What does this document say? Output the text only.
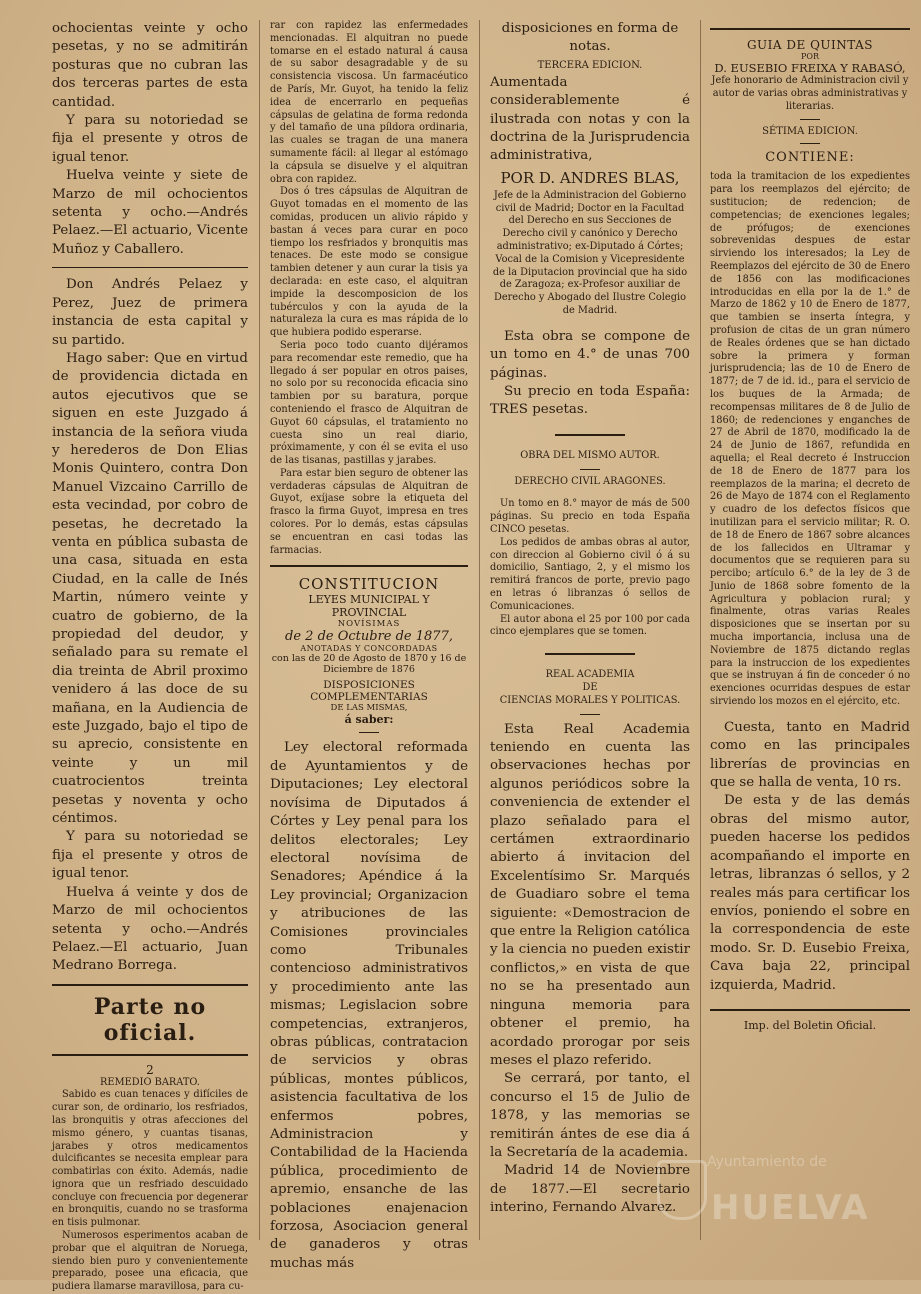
ochocientas veinte y ocho pesetas, y no se admitirán posturas que no cubran las dos terceras partes de esta cantidad.

Y para su notoriedad se fija el presente y otros de igual tenor.

Huelva veinte y siete de Marzo de mil ochocientos setenta y ocho.—Andrés Pelaez.—El actuario, Vicente Muñoz y Caballero.

Don Andrés Pelaez y Perez, Juez de primera instancia de esta capital y su partido.

Hago saber: Que en virtud de providencia dictada en autos ejecutivos que se siguen en este Juzgado á instancia de la señora viuda y herederos de Don Elias Monis Quintero, contra Don Manuel Vizcaino Carrillo de esta vecindad, por cobro de pesetas, he decretado la venta en pública subasta de una casa, situada en esta Ciudad, en la calle de Inés Martin, número veinte y cuatro de gobierno, de la propiedad del deudor, y señalado para su remate el dia treinta de Abril proximo venidero á las doce de su mañana, en la Audiencia de este Juzgado, bajo el tipo de su aprecio, consistente en veinte y un mil cuatrocientos treinta pesetas y noventa y ocho céntimos.

Y para su notoriedad se fija el presente y otros de igual tenor.

Huelva á veinte y dos de Marzo de mil ochocientos setenta y ocho.—Andrés Pelaez.—El actuario, Juan Medrano Borrega.

Parte no oficial.

2

REMEDIO BARATO.

Sabido es cuan tenaces y difíciles de curar son, de ordinario, los resfriados, las bronquitis y otras afecciones del mismo género, y cuantas tisanas, jarabes y otros medicamentos dulcificantes se necesita emplear para combatirlas con éxito. Además, nadie ignora que un resfriado descuidado concluye con frecuencia por degenerar en bronquitis, cuando no se trasforma en tisis pulmonar.

Numerosos esperimentos acaban de probar que el alquitran de Noruega, siendo bien puro y convenientemente preparado, posee una eficacia, que pudiera llamarse maravillosa, para cu-

rar con rapidez las enfermedades mencionadas. El alquitran no puede tomarse en el estado natural á causa de su sabor desagradable y de su consistencia viscosa. Un farmacéutico de París, Mr. Guyot, ha tenido la feliz idea de encerrarlo en pequeñas cápsulas de gelatina de forma redonda y del tamaño de una píldora ordinaria, las cuales se tragan de una manera sumamente fácil: al llegar al estómago la cápsula se disuelve y el alquitran obra con rapidez.

Dos ó tres cápsulas de Alquitran de Guyot tomadas en el momento de las comidas, producen un alivio rápido y bastan á veces para curar en poco tiempo los resfriados y bronquitis mas tenaces. De este modo se consigue tambien detener y aun curar la tisis ya declarada: en este caso, el alquitran impide la descomposicion de los tubérculos y con la ayuda de la naturaleza la cura es mas rápida de lo que hubiera podido esperarse.

Seria poco todo cuanto dijéramos para recomendar este remedio, que ha llegado á ser popular en otros paises, no solo por su reconocida eficacia sino tambien por su baratura, porque conteniendo el frasco de Alquitran de Guyot 60 cápsulas, el tratamiento no cuesta sino un real diario, próximamente, y con él se evita el uso de las tisanas, pastillas y jarabes.

Para estar bien seguro de obtener las verdaderas cápsulas de Alquitran de Guyot, exíjase sobre la etiqueta del frasco la firma Guyot, impresa en tres colores. Por lo demás, estas cápsulas se encuentran en casi todas las farmacias.

CONSTITUCION

LEYES MUNICIPAL Y PROVINCIAL

NOVÍSIMAS

de 2 de Octubre de 1877,

ANOTADAS Y CONCORDADAS

con las de 20 de Agosto de 1870 y 16 de Diciembre de 1876

DISPOSICIONES COMPLEMENTARIAS

DE LAS MISMAS,

á saber:

Ley electoral reformada de Ayuntamientos y de Diputaciones; Ley electoral novísima de Diputados á Córtes y Ley penal para los delitos electorales; Ley electoral novísima de Senadores; Apéndice á la Ley provincial; Organizacion y atribuciones de las Comisiones provinciales como Tribunales contencioso administrativos y procedimiento ante las mismas; Legislacion sobre competencias, extranjeros, obras públicas, contratacion de servicios y obras públicas, montes públicos, asistencia facultativa de los enfermos pobres, Administracion y Contabilidad de la Hacienda pública, procedimiento de apremio, ensanche de las poblaciones enajenacion forzosa, Asociacion general de ganaderos y otras muchas más

disposiciones en forma de notas.

TERCERA EDICION.

Aumentada considerablemente é ilustrada con notas y con la doctrina de la Jurisprudencia administrativa,

POR D. ANDRES BLAS,

Jefe de la Administracion del Gobierno civil de Madrid; Doctor en la Facultad del Derecho en sus Secciones de Derecho civil y canónico y Derecho administrativo; ex-Diputado á Córtes; Vocal de la Comision y Vicepresidente de la Diputacion provincial que ha sido de Zaragoza; ex-Profesor auxiliar de Derecho y Abogado del Ilustre Colegio de Madrid.

Esta obra se compone de un tomo en 4.° de unas 700 páginas.

Su precio en toda España: TRES pesetas.

OBRA DEL MISMO AUTOR.

DERECHO CIVIL ARAGONES.

Un tomo en 8.° mayor de más de 500 páginas. Su precio en toda España CINCO pesetas.

Los pedidos de ambas obras al autor, con direccion al Gobierno civil ó á su domicilio, Santiago, 2, y el mismo los remitirá francos de porte, previo pago en letras ó libranzas ó sellos de Comunicaciones.

El autor abona el 25 por 100 por cada cinco ejemplares que se tomen.

REAL ACADEMIA

DE

CIENCIAS MORALES Y POLITICAS.

Esta Real Academia teniendo en cuenta las observaciones hechas por algunos periódicos sobre la conveniencia de extender el plazo señalado para el certámen extraordinario abierto á invitacion del Excelentísimo Sr. Marqués de Guadiaro sobre el tema siguiente: «Demostracion de que entre la Religion católica y la ciencia no pueden existir conflictos,» en vista de que no se ha presentado aun ninguna memoria para obtener el premio, ha acordado prorogar por seis meses el plazo referido.

Se cerrará, por tanto, el concurso el 15 de Julio de 1878, y las memorias se remitirán ántes de ese dia á la Secretaría de la academia.

Madrid 14 de Noviembre de 1877.—El secretario interino, Fernando Alvarez.

GUIA DE QUINTAS

POR

D. EUSEBIO FREIXA Y RABASÓ,

Jefe honorario de Administracion civil y autor de varias obras administrativas y literarias.

SÉTIMA EDICION.

CONTIENE:

toda la tramitacion de los expedientes para los reemplazos del ejército; de sustitucion; de redencion; de competencias; de exenciones legales; de prófugos; de exenciones sobrevenidas despues de estar sirviendo los interesados; la Ley de Reemplazos del ejército de 30 de Enero de 1856 con las modificaciones introducidas en ella por la de 1.° de Marzo de 1862 y 10 de Enero de 1877, que tambien se inserta íntegra, y profusion de citas de un gran número de Reales órdenes que se han dictado sobre la primera y forman jurisprudencia; las de 10 de Enero de 1877; de 7 de id. id., para el servicio de los buques de la Armada; de recompensas militares de 8 de Julio de 1860; de redenciones y enganches de 27 de Abril de 1870, modificado la de 24 de Junio de 1867, refundida en aquella; el Real decreto é Instruccion de 18 de Enero de 1877 para los reemplazos de la marina; el decreto de 26 de Mayo de 1874 con el Reglamento y cuadro de los defectos físicos que inutilizan para el servicio militar; R. O. de 18 de Enero de 1867 sobre alcances de los fallecidos en Ultramar y documentos que se requieren para su percibo; artículo 6.° de la ley de 3 de Junio de 1868 sobre fomento de la Agricultura y poblacion rural; y finalmente, otras varias Reales disposiciones que se insertan por su mucha importancia, inclusa una de Noviembre de 1875 dictando reglas para la instruccion de los expedientes que se instruyan á fin de conceder ó no exenciones ocurridas despues de estar sirviendo los mozos en el ejército, etc.

Cuesta, tanto en Madrid como en las principales librerías de provincias en que se halla de venta, 10 rs.

De esta y de las demás obras del mismo autor, pueden hacerse los pedidos acompañando el importe en letras, libranzas ó sellos, y 2 reales más para certificar los envíos, poniendo el sobre en la correspondencia de este modo. Sr. D. Eusebio Freixa, Cava baja 22, principal izquierda, Madrid.

Imp. del Boletin Oficial.

Ayuntamiento de
HUELVA
